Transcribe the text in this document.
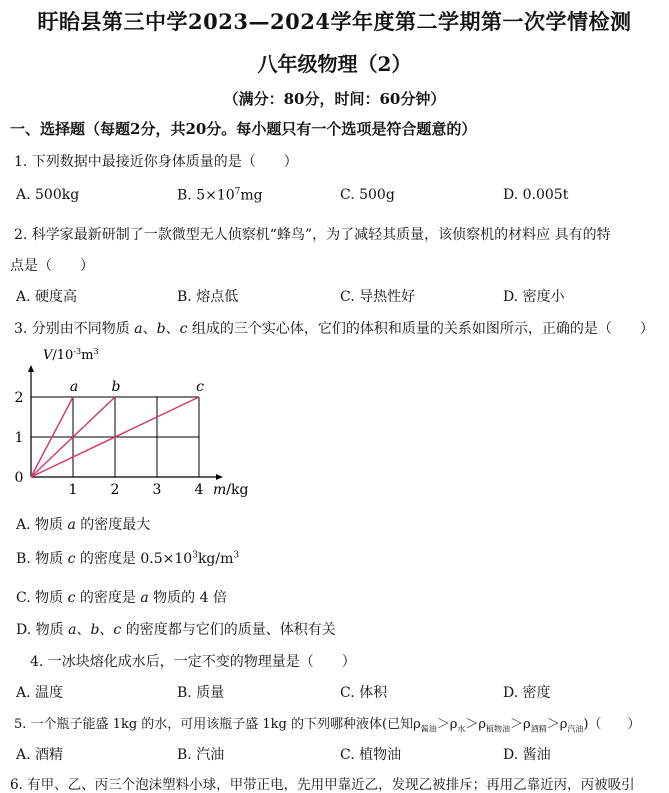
盱眙县第三中学2023—2024学年度第二学期第一次学情检测
八年级物理（2）
（满分：80分，时间：60分钟）
一、选择题（每题2分，共20分。每小题只有一个选项是符合题意的）
1. 下列数据中最接近你身体质量的是（　　）
A. 500kg	B. $5\times 10^7mg$	C. 500g	D. 0.005t
2. 科学家最新研制了一款微型无人侦察机“蜂鸟”，为了减轻其质量，该侦察机的材料应 具有的特
点是（　　）
A. 硬度高	B. 熔点低	C. 导热性好	D. 密度小
3. 分别由不同物质 a、b、c 组成的三个实心体，它们的体积和质量的关系如图所示，正确的是（　　）
a b	c
1 2 3 4
1
2
0
$V/10^{-3}m^3$
m/kg
A. 物质 a 的密度最大
B. 物质 c 的密度是 $0.5\times 10^3kg/m^3$
C. 物质 c 的密度是 a 物质的 4 倍
D. 物质 a、b、c 的密度都与它们的质量、体积有关
4. 一冰块熔化成水后，一定不变的物理量是（　　）
A. 温度	B. 质量	C. 体积	D. 密度
5. 一个瓶子能盛 1kg 的水，可用该瓶子盛 1kg 的下列哪种液体(已知$\rho_{酱油}>\rho_水>\rho_{植物油}>\rho_{酒精}>\rho_{汽油}$)（　　）
A. 酒精	B. 汽油	C. 植物油	D. 酱油
6. 有甲、乙、丙三个泡沫塑料小球，甲带正电，先用甲靠近乙，发现乙被排斥；再用乙靠近丙，丙被吸引
